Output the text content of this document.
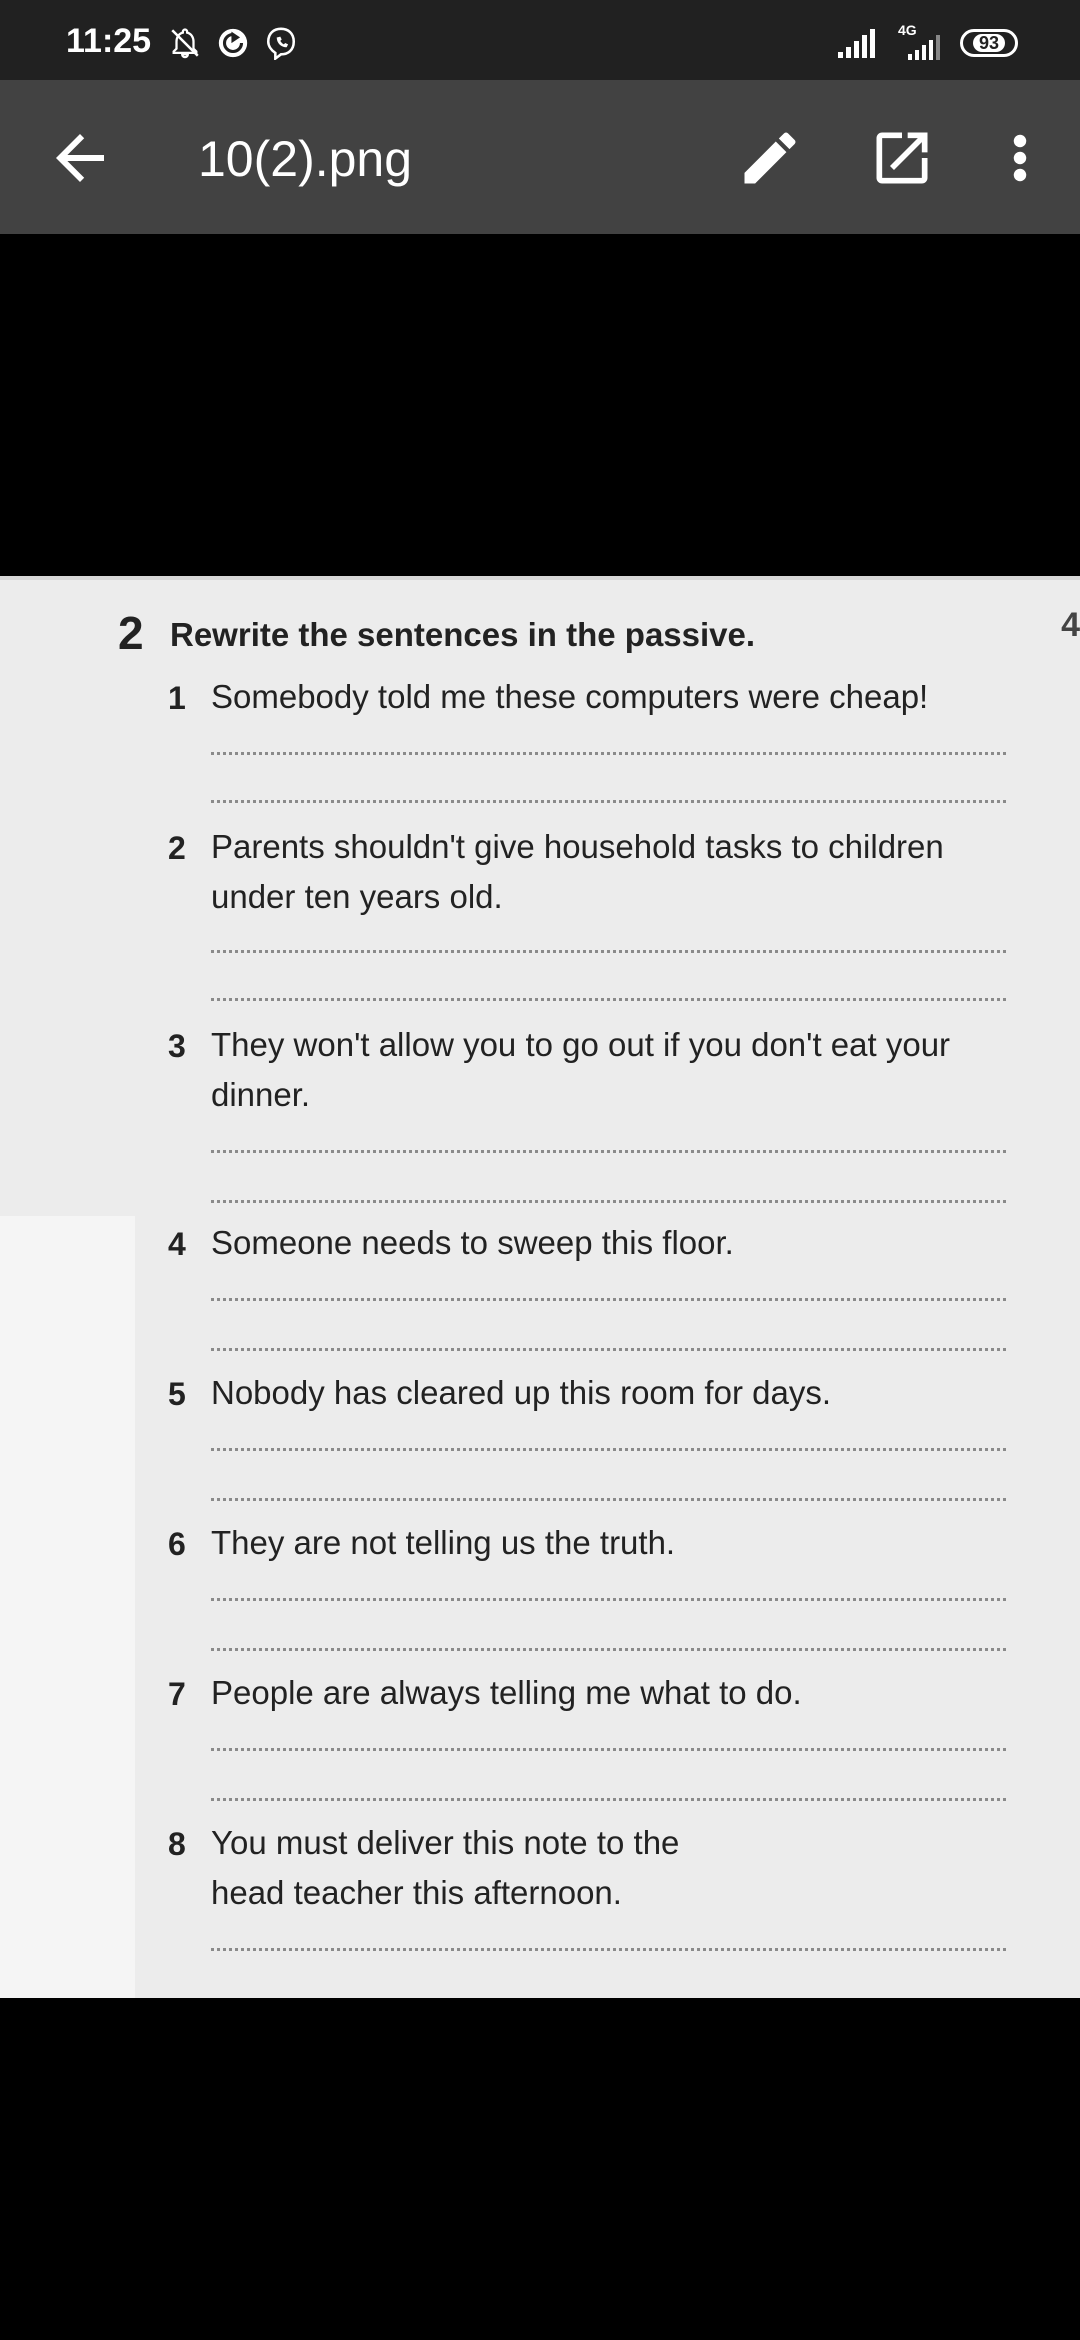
11:25	4G
93
10(2).png
4
2 Rewrite the sentences in the passive.
1 Somebody told me these computers were cheap!
2 Parents shouldn't give household tasks to children under ten years old.
3 They won't allow you to go out if you don't eat your dinner.
4 Someone needs to sweep this floor.
5 Nobody has cleared up this room for days.
6 They are not telling us the truth.
7 People are always telling me what to do.
8 You must deliver this note to the head teacher this afternoon.
